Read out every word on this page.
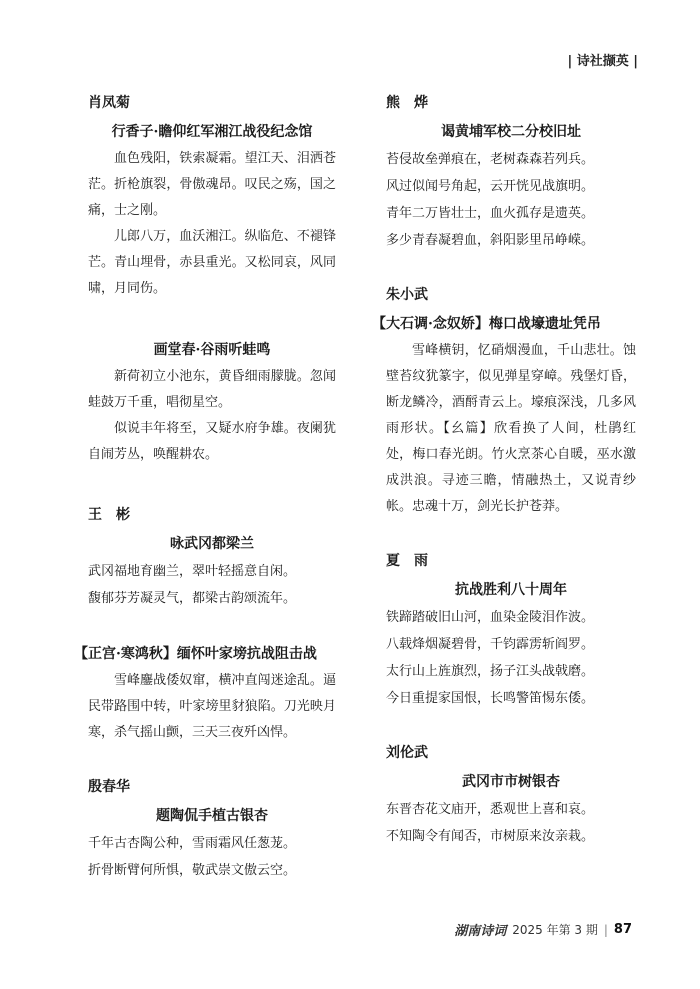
| 诗社撷英 |
肖凤菊
行香子·瞻仰红军湘江战役纪念馆

血色残阳，铁索凝霜。望江天、泪洒苍茫。折枪旗裂，骨傲魂昂。叹民之殇，国之痛，士之刚。

儿郎八万，血沃湘江。纵临危、不褪锋芒。青山埋骨，赤县重光。又松同哀，风同啸，月同伤。

画堂春·谷雨听蛙鸣

新荷初立小池东，黄昏细雨朦胧。忽闻蛙鼓万千重，唱彻星空。

似说丰年将至，又疑水府争雄。夜阑犹自闹芳丛，唤醒耕农。

王　彬
咏武冈都梁兰

武冈福地育幽兰，翠叶轻摇意自闲。

馥郁芬芳凝灵气，都梁古韵颂流年。

【正宫·寒鸿秋】缅怀叶家塝抗战阻击战

雪峰鏖战倭奴窜，横冲直闯迷途乱。逼民带路围中转，叶家塝里豺狼陷。刀光映月寒，杀气摇山颤，三天三夜歼凶悍。

殷春华
题陶侃手植古银杏

千年古杏陶公种，雪雨霜风任葱茏。

折骨断臂何所惧，敬武崇文傲云空。

熊　烨
谒黄埔军校二分校旧址

苔侵故垒弹痕在，老树森森若列兵。

风过似闻号角起，云开恍见战旗明。

青年二万皆壮士，血火孤存是遗英。

多少青春凝碧血，斜阳影里吊峥嵘。

朱小武
【大石调·念奴娇】梅口战壕遗址凭吊

雪峰横钥，忆硝烟漫血，千山悲壮。蚀壁苔纹犹篆字，似见弹星穿嶂。残堡灯昏，断龙鳞冷，酒酹青云上。壕痕深浅，几多风雨形状。【幺篇】欣看换了人间，杜鹃红处，梅口春光朗。竹火烹茶心自暖，巫水激成洪浪。寻迹三瞻，情融热土，又说青纱帐。忠魂十万，剑光长护苍莽。

夏　雨
抗战胜利八十周年

铁蹄踏破旧山河，血染金陵泪作波。

八载烽烟凝碧骨，千钧霹雳斩阎罗。

太行山上旌旗烈，扬子江头战戟磨。

今日重提家国恨，长鸣警笛惕东倭。

刘伦武
武冈市市树银杏

东晋杏花文庙开，悉观世上喜和哀。

不知陶令有闻否，市树原来汝亲栽。

湖南诗词 2025 年第 3 期 | 87
